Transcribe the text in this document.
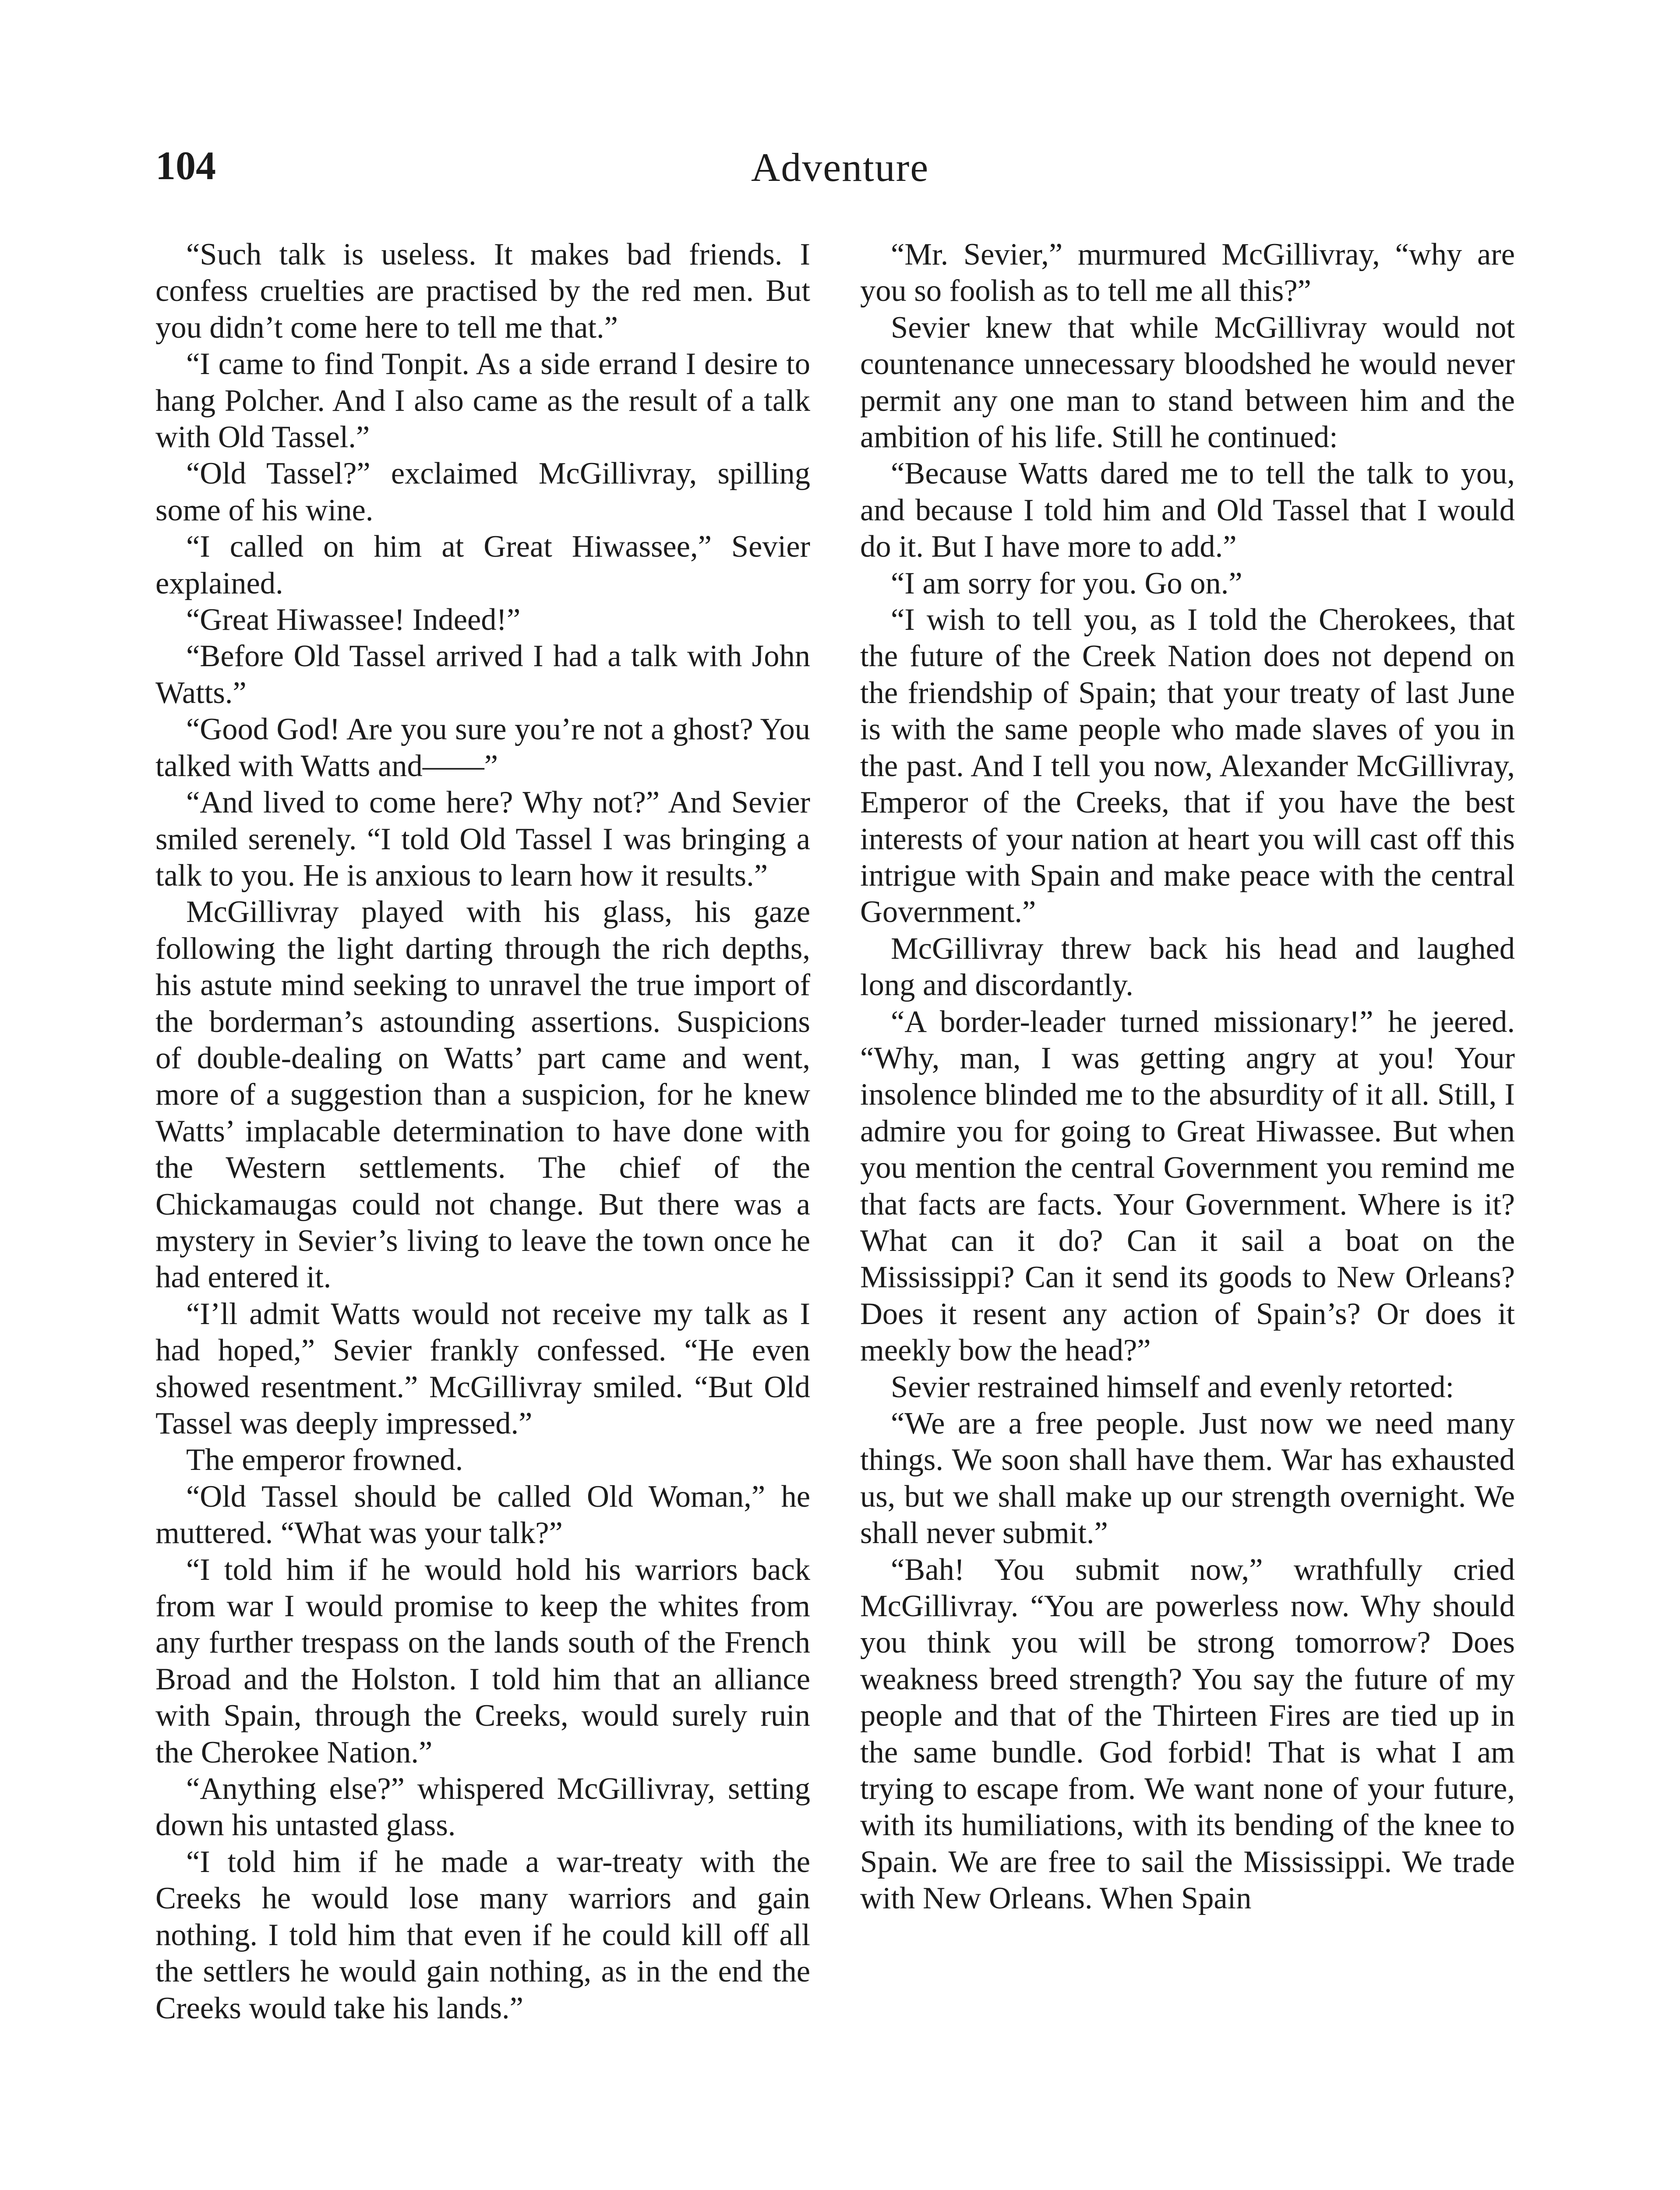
104	Adventure

“Such talk is useless. It makes bad friends. I confess cruelties are practised by the red men. But you didn’t come here to tell me that.”

“I came to find Tonpit. As a side errand I desire to hang Polcher. And I also came as the result of a talk with Old Tassel.”

“Old Tassel?” exclaimed McGillivray, spilling some of his wine.

“I called on him at Great Hiwassee,” Sevier explained.

“Great Hiwassee! Indeed!”

“Before Old Tassel arrived I had a talk with John Watts.”

“Good God! Are you sure you’re not a ghost? You talked with Watts and——”

“And lived to come here? Why not?” And Sevier smiled serenely. “I told Old Tassel I was bringing a talk to you. He is anxious to learn how it results.”

McGillivray played with his glass, his gaze following the light darting through the rich depths, his astute mind seeking to unravel the true import of the borderman’s astounding assertions. Suspicions of double-dealing on Watts’ part came and went, more of a suggestion than a suspicion, for he knew Watts’ implacable determination to have done with the Western settlements. The chief of the Chickamaugas could not change. But there was a mystery in Sevier’s living to leave the town once he had entered it.

“I’ll admit Watts would not receive my talk as I had hoped,” Sevier frankly confessed. “He even showed resentment.” McGillivray smiled. “But Old Tassel was deeply impressed.”

The emperor frowned.

“Old Tassel should be called Old Woman,” he muttered. “What was your talk?”

“I told him if he would hold his warriors back from war I would promise to keep the whites from any further trespass on the lands south of the French Broad and the Holston. I told him that an alliance with Spain, through the Creeks, would surely ruin the Cherokee Nation.”

“Anything else?” whispered McGillivray, setting down his untasted glass.

“I told him if he made a war-treaty with the Creeks he would lose many warriors and gain nothing. I told him that even if he could kill off all the settlers he would gain nothing, as in the end the Creeks would take his lands.”

“Mr. Sevier,” murmured McGillivray, “why are you so foolish as to tell me all this?”

Sevier knew that while McGillivray would not countenance unnecessary bloodshed he would never permit any one man to stand between him and the ambition of his life. Still he continued:

“Because Watts dared me to tell the talk to you, and because I told him and Old Tassel that I would do it. But I have more to add.”

“I am sorry for you. Go on.”

“I wish to tell you, as I told the Cherokees, that the future of the Creek Nation does not depend on the friendship of Spain; that your treaty of last June is with the same people who made slaves of you in the past. And I tell you now, Alexander McGillivray, Emperor of the Creeks, that if you have the best interests of your nation at heart you will cast off this intrigue with Spain and make peace with the central Government.”

McGillivray threw back his head and laughed long and discordantly.

“A border-leader turned missionary!” he jeered. “Why, man, I was getting angry at you! Your insolence blinded me to the absurdity of it all. Still, I admire you for going to Great Hiwassee. But when you mention the central Government you remind me that facts are facts. Your Government. Where is it? What can it do? Can it sail a boat on the Mississippi? Can it send its goods to New Orleans? Does it resent any action of Spain’s? Or does it meekly bow the head?”

Sevier restrained himself and evenly retorted:

“We are a free people. Just now we need many things. We soon shall have them. War has exhausted us, but we shall make up our strength overnight. We shall never submit.”

“Bah! You submit now,” wrathfully cried McGillivray. “You are powerless now. Why should you think you will be strong tomorrow? Does weakness breed strength? You say the future of my people and that of the Thirteen Fires are tied up in the same bundle. God forbid! That is what I am trying to escape from. We want none of your future, with its humiliations, with its bending of the knee to Spain. We are free to sail the Mississippi. We trade with New Orleans. When Spain
